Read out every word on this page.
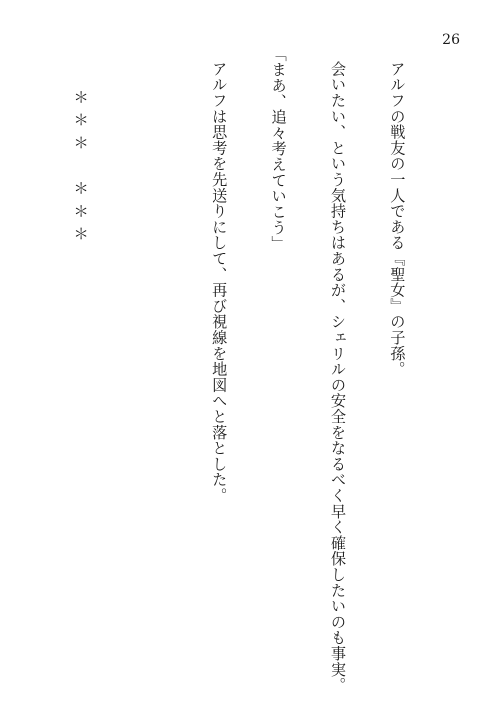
26

アルフの戦友の一人である『聖女』の子孫。

会いたい、という気持ちはあるが、シェリルの安全をなるべく早く確保したいのも事実。

「まあ、追々考えていこう」

アルフは思考を先送りにして、再び視線を地図へと落とした。

＊＊＊　＊＊＊
